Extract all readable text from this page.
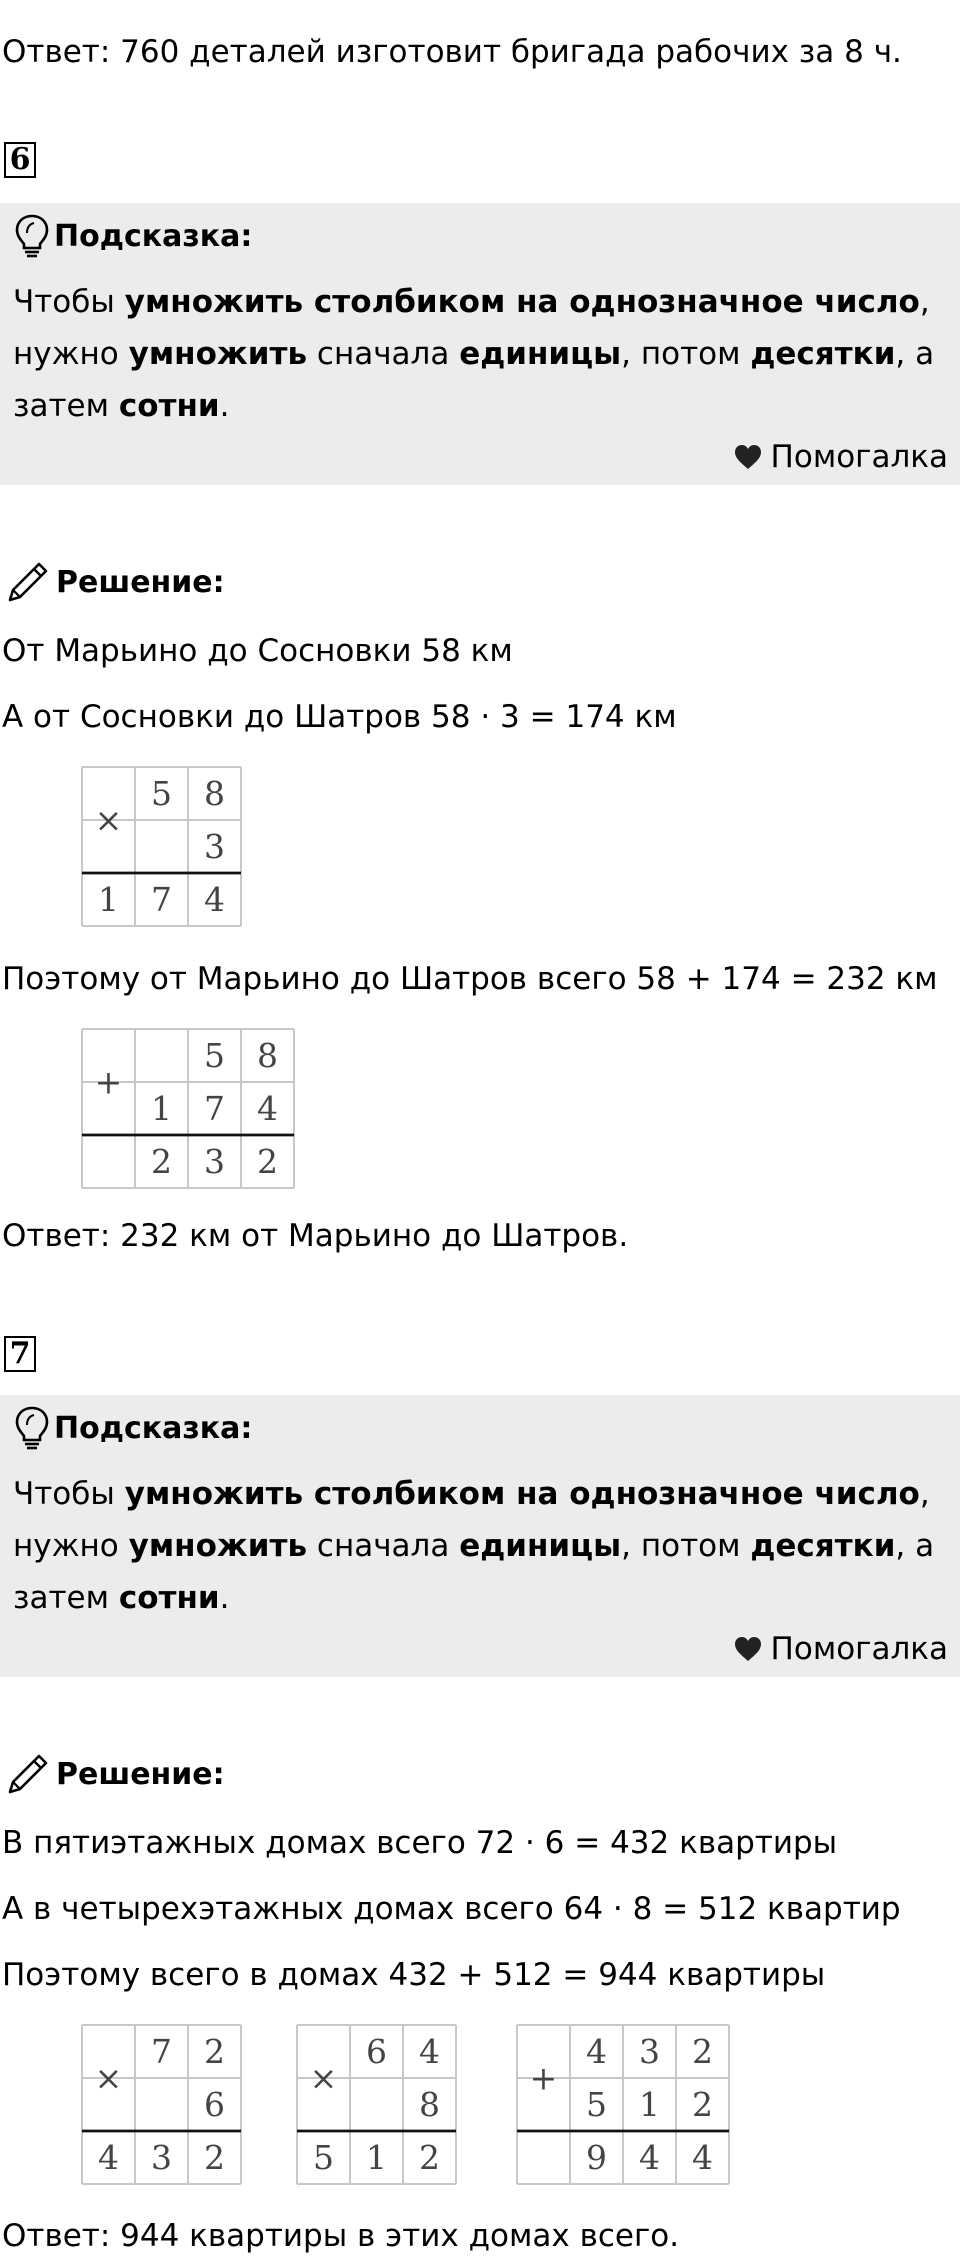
Ответ: 760 деталей изготовит бригада рабочих за 8 ч.
6
Подсказка:
Чтобы умножить столбиком на однозначное число, нужно умножить сначала единицы, потом десятки, а затем сотни.
Помогалка
Решение:
От Марьино до Сосновки 58 км
А от Сосновки до Шатров 58 · 3 = 174 км
×
5 8
3
1 7 4
Поэтому от Марьино до Шатров всего 58 + 174 = 232 км
+
5 8
1 7 4
2 3 2
Ответ: 232 км от Марьино до Шатров.
7
Подсказка:
Чтобы умножить столбиком на однозначное число, нужно умножить сначала единицы, потом десятки, а затем сотни.
Помогалка
Решение:
В пятиэтажных домах всего 72 · 6 = 432 квартиры
А в четырехэтажных домах всего 64 · 8 = 512 квартир
Поэтому всего в домах 432 + 512 = 944 квартиры
×
7 2
6
4 3 2
×
6 4
8
5 1 2
+
4 3 2
5 1 2
9 4 4
Ответ: 944 квартиры в этих домах всего.
